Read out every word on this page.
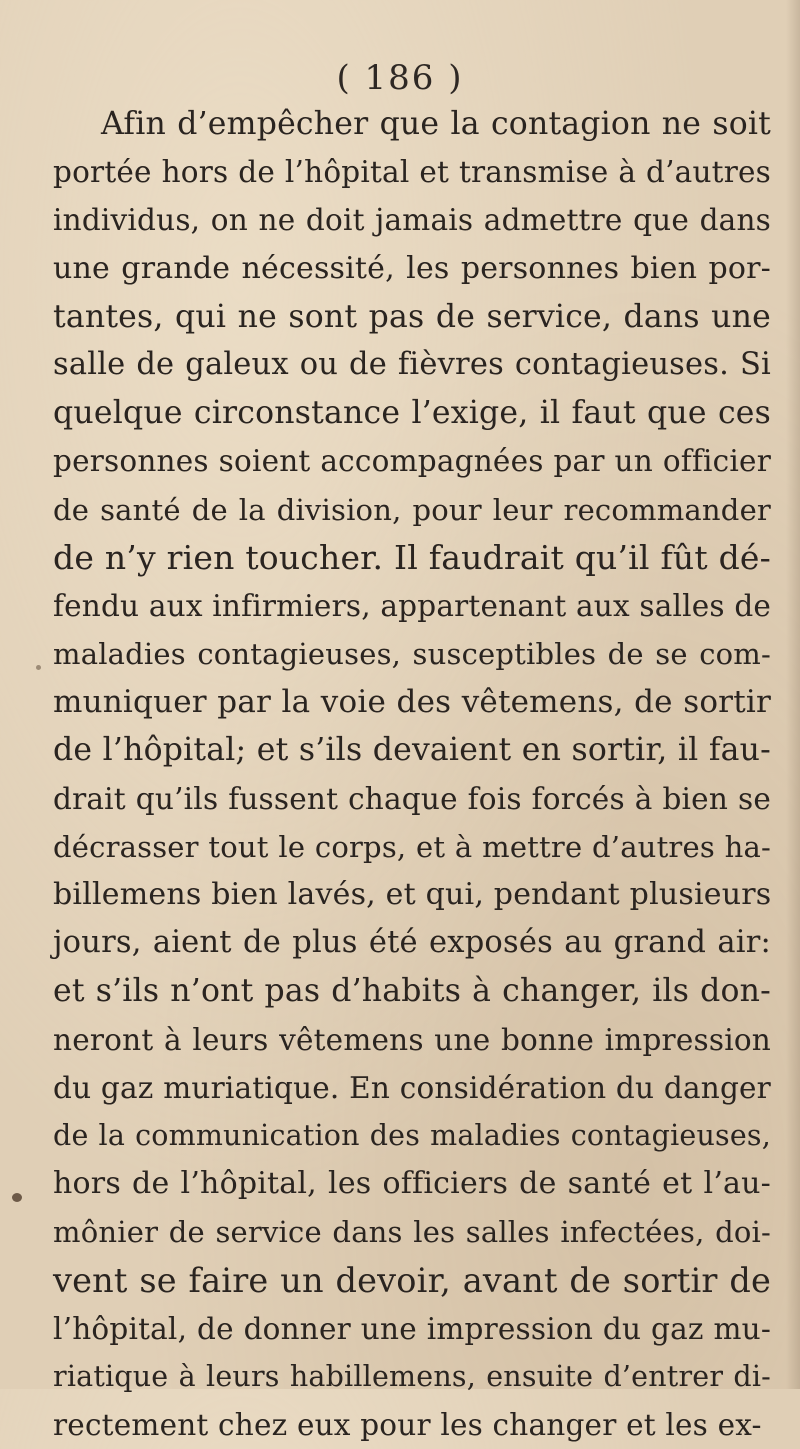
( 186 )
Afin d’empêcher que la contagion ne soit
portée hors de l’hôpital et transmise à d’autres
individus, on ne doit jamais admettre que dans
une grande nécessité, les personnes bien por-
tantes, qui ne sont pas de service, dans une
salle de galeux ou de fièvres contagieuses. Si
quelque circonstance l’exige, il faut que ces
personnes soient accompagnées par un officier
de santé de la division, pour leur recommander
de n’y rien toucher. Il faudrait qu’il fût dé-
fendu aux infirmiers, appartenant aux salles de
maladies contagieuses, susceptibles de se com-
muniquer par la voie des vêtemens, de sortir
de l’hôpital; et s’ils devaient en sortir, il fau-
drait qu’ils fussent chaque fois forcés à bien se
décrasser tout le corps, et à mettre d’autres ha-
billemens bien lavés, et qui, pendant plusieurs
jours, aient de plus été exposés au grand air:
et s’ils n’ont pas d’habits à changer, ils don-
neront à leurs vêtemens une bonne impression
du gaz muriatique. En considération du danger
de la communication des maladies contagieuses,
hors de l’hôpital, les officiers de santé et l’au-
mônier de service dans les salles infectées, doi-
vent se faire un devoir, avant de sortir de
l’hôpital, de donner une impression du gaz mu-
riatique à leurs habillemens, ensuite d’entrer di-
rectement chez eux pour les changer et les ex-
